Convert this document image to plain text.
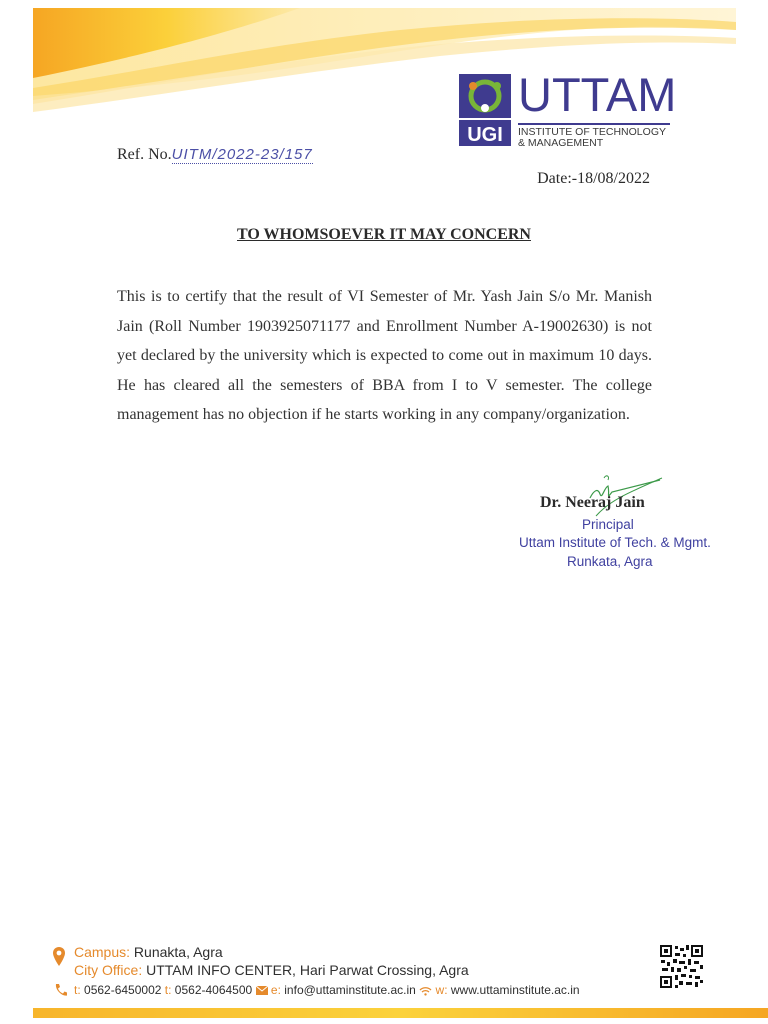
UGI
UTTAM
INSTITUTE OF TECHNOLOGY
& MANAGEMENT
Ref. No.UITM/2022-23/157
Date:-18/08/2022
TO WHOMSOEVER IT MAY CONCERN
This is to certify that the result of VI Semester of Mr. Yash Jain S/o Mr. Manish Jain (Roll Number 1903925071177 and Enrollment Number A-19002630) is not yet declared by the university which is expected to come out in maximum 10 days. He has cleared all the semesters of BBA from I to V semester. The college management has no objection if he starts working in any company/organization.
Dr. Neeraj Jain
Principal
Uttam Institute of Tech. & Mgmt.
Runkata, Agra
Campus: Runakta, Agra
City Office: UTTAM INFO CENTER, Hari Parwat Crossing, Agra
t: 0562-6450002 t: 0562-4064500 e: info@uttaminstitute.ac.in w: www.uttaminstitute.ac.in
